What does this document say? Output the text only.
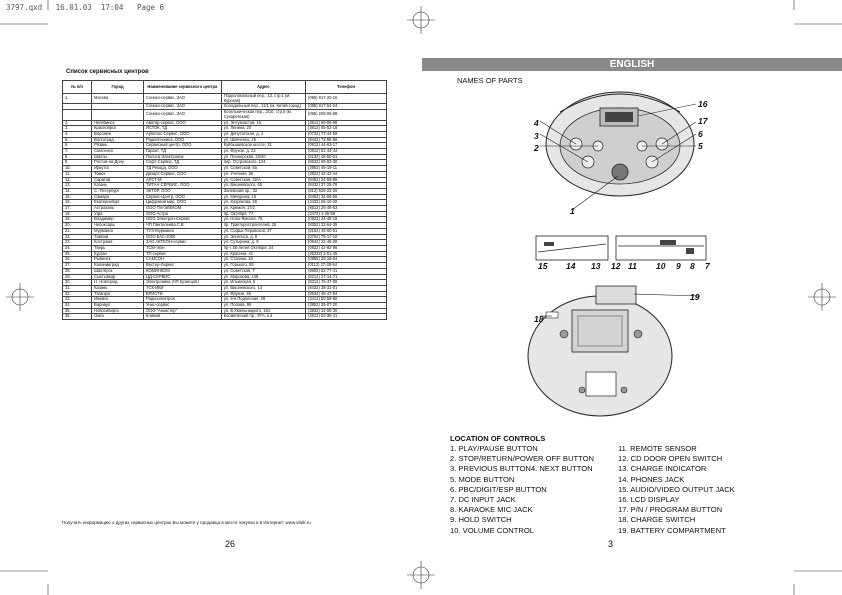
3797.qxd   16.01.03  17:04   Page 6
Список сервисных центров
№ п/п	Город	Наименование сервисного центра	Адрес	Телефон
1.	Москва	Сонико-сервис, ЗАО	Подколокольный пер., 13, стр.1 (м. Курская)	(095) 917-20-16
		Сонико-сервис, ЗАО	Холодильный пер., 11/1 (м. Китай-город)	(095) 917-54-24
		Сонико-сервис, ЗАО	Котельническая пер., 3/10, стр.5 (м. Сухаревская)	(095) 208-06-88
2.	Челябинск	Аватар-сервис, ООО	ул. Энтузиастов, 15	(3512) 66-06-98
3.	Красноярск	ИСТОК, ТД	ул. Ленина, 20	(3912) 65-52-18
4.	Воронеж	Арбелос-Сервис, ООО	ул. Депутатская, д. 4	(0732) 77-44-59
5.	Волгоград	Радиотехника, ООО	ул. Шевченко, 25	(8442) 72-85-56
6.	Рязань	Сервисный центр, ООО	Куйбышевское шоссе, 31	(0912) 44-63-17
7.	Смоленск	Гарант, ТД	ул. Фрунзе, д. 22	(0812) 51-44-44
8.	Шахты	Полоса Электроник	ул. Пионерская, 23/40	(8132) 46-50-51
9.	Ростов-на-Дону	Софт-Сервис, ТД	пер. Островского, 124	(8632) 65-93-30
10.	Иркутск	ТД Рекорд, ООО	ул. Советской, 8а	(3952) 46-19-11
11.	Томск	Дизарт-Сервис, ООО	ул. Учебная, 26	(3822) 42-42-44
12.	Саратов	АЛСТ-М	ул. Советская, 32/А	(8452) 24-59-98
13.	Казань	ТИТАН СЕРВИС, ООО	ул. Вишневского, 65	(8432) 37-25-78
14.	С.-Петербург	ЭКТОР, ООО	Заневский пр., 32	(812) 528-22-20
15.	Самара	Сервис-Центр, ООО	ул. Мичурина, 15	(8462) 34-66-56
16.	Екатеринбург	Цифровой мир, ООО	ул. Хохрякова, 55	(3432) 55-10-20
17.	Астрахань	ООО ТМ-ЭЛЕКОМ	ул. Кремля, 17/2	(8512) 25-48-53
18.	Уфа	ООО Астра	пр. Октября, 77	(3472) 1-45-59
19.	Владимир	ООО Электрон-Сервис	ул. Ново-Ямская, 75	(0922) 24-48-19
20.	Чебоксары	ЧП Пантелеева С.В.	пр. Тракторостроителей, 26	(8352) 22-64-35
21.	Мурманск	ТУЭ-Мурманск	ул. Софьи Перовской, 37	(8152) 45-60-61
22.	Тамбов	ООО БАС-2000	ул. Энгельса, д. 8	(0752) 75-17-10
23.	Кострома	ЗАО АКТЕОН-сервис	ул. Сутырина, д. 9	(0942) 22-46-28
24.	Тверь	ТСМ-техн	пр-т 50-летия Октября, 24	(0822) 42-92-96
25.	Курган	ТП-сервис	ул. Красина, 41	(35222) 2-51-45
26.	Рыбинск	САМСОН	ул. Стоянки, 19	(0855) 28-18-04
27.	Калининград	Вестер-Лирекс	ул. Горького, 55	(0112) 27-38-54
28.	Шахтёрск	КОМИНКОМ	ул. Советская, 7	(8692) 62-77-41
29.	Сыктывкар	ЦД-СЕРВИС	ул. Морозова, 146	(8212) 27-14-71
30.	Н. Новгород	Электроника (ЧП Кузнецов)	ул. Ильинская, 5	(8312) 75-47-09
31.	Казань	ТСК-ИКИ	ул. Вишневского, 14	(8432) 38-31-01
32.	Таганрог	БРИСТИ	ул. Фрунзе, 46	(8634) 46-47-94
33.	Ижевск	Радиоэлектрон	ул. 9-я Подлесная, 29	(3412) 50-59-80
34.	Барнаул	Унис-сервис	ул. Попова, 86	(3852) 35-07-20
35.	Новосибирск	ООО "Анкастер"	ул. Б.Хмельницкого, 151	(3832) 12-58-30
36.	Омск	Климов	Космический пр., 97А, к.4	(3812) 53-36-41
Получить информацию о других сервисных центрах Вы можете у продавца в месте покупки и в Интернет: www.vitek.ru
26
ENGLISH
NAMES OF PARTS
16
4	17
3	6
2	5
1
15 14 13 12 11 10 9 8 7
19
18
LOCATION OF CONTROLS
1. PLAY/PAUSE BUTTON
2. STOP/RETURN/POWER OFF BUTTON
3. PREVIOUS BUTTON4. NEXT BUTTON
5. MODE BUTTON
6. PBC/DIGIT/ESP BUTTON
7. DC INPUT JACK
8. KARAOKE MIC JACK
9. HOLD SWITCH
10. VOLUME CONTROL
11. REMOTE SENSOR
12. CD DOOR OPEN SWITCH
13. CHARGE INDICATOR
14. PHONES JACK
15. AUDIO/VIDEO OUTPUT JACK
16. LCD DISPLAY
17. P/N / PROGRAM BUTTON
18. CHARGE SWITCH
19. BATTERY COMPARTMENT
3
